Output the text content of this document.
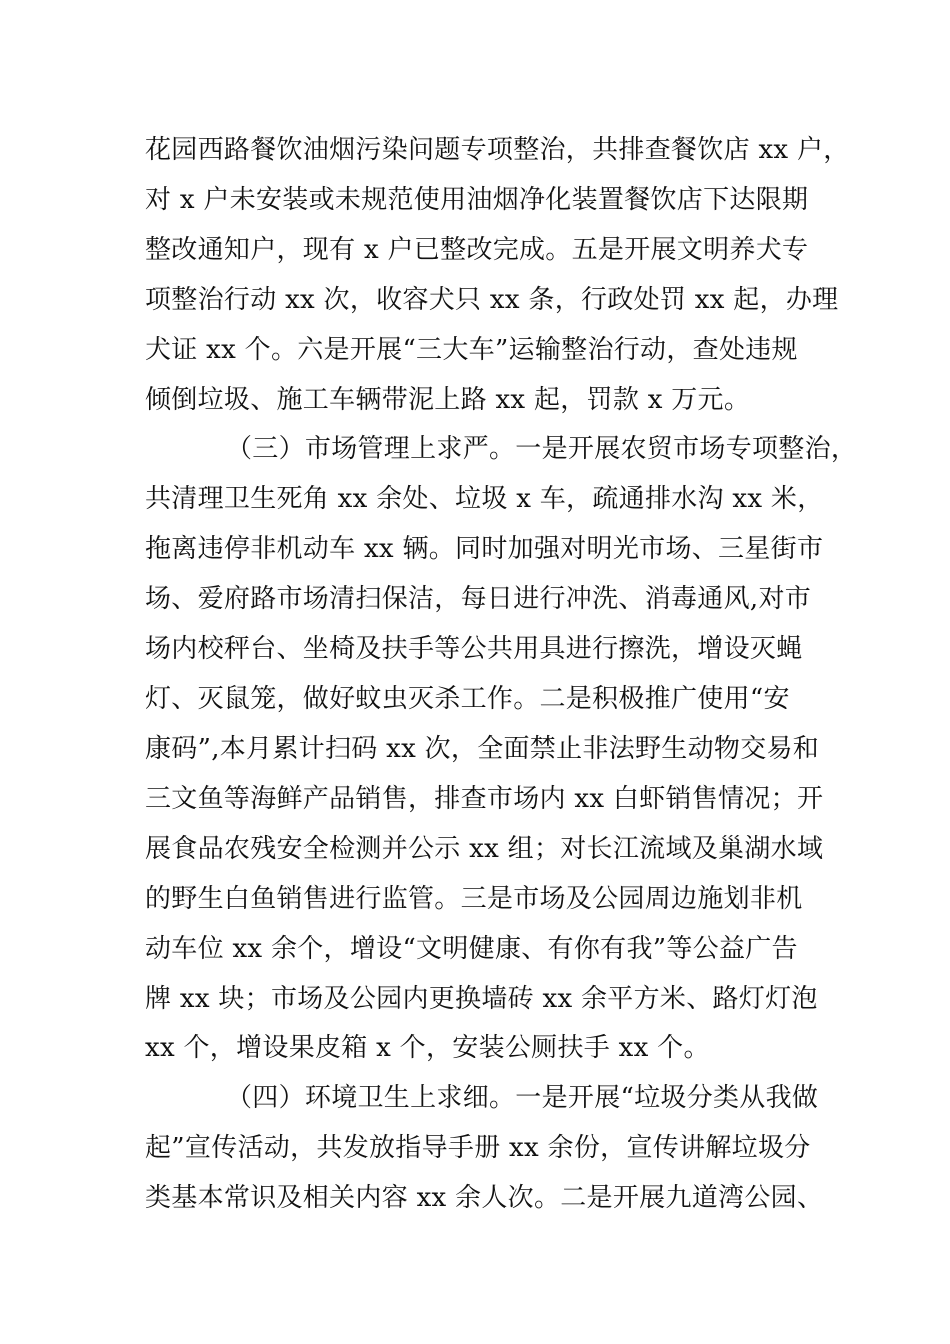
花园西路餐饮油烟污染问题专项整治，共排查餐饮店 xx 户，
对 x 户未安装或未规范使用油烟净化装置餐饮店下达限期
整改通知户，现有 x 户已整改完成。五是开展文明养犬专
项整治行动 xx 次，收容犬只 xx 条，行政处罚 xx 起，办理
犬证 xx 个。六是开展“三大车”运输整治行动，查处违规
倾倒垃圾、施工车辆带泥上路 xx 起，罚款 x 万元。
（三）市场管理上求严。一是开展农贸市场专项整治，
共清理卫生死角 xx 余处、垃圾 x 车，疏通排水沟 xx 米，
拖离违停非机动车 xx 辆。同时加强对明光市场、三星街市
场、爱府路市场清扫保洁，每日进行冲洗、消毒通风,对市
场内校秤台、坐椅及扶手等公共用具进行擦洗，增设灭蝇
灯、灭鼠笼，做好蚊虫灭杀工作。二是积极推广使用“安
康码”,本月累计扫码 xx 次，全面禁止非法野生动物交易和
三文鱼等海鲜产品销售，排查市场内 xx 白虾销售情况；开
展食品农残安全检测并公示 xx 组；对长江流域及巢湖水域
的野生白鱼销售进行监管。三是市场及公园周边施划非机
动车位 xx 余个，增设“文明健康、有你有我”等公益广告
牌 xx 块；市场及公园内更换墙砖 xx 余平方米、路灯灯泡
xx 个，增设果皮箱 x 个，安装公厕扶手 xx 个。
（四）环境卫生上求细。一是开展“垃圾分类从我做
起”宣传活动，共发放指导手册 xx 余份，宣传讲解垃圾分
类基本常识及相关内容 xx 余人次。二是开展九道湾公园、
